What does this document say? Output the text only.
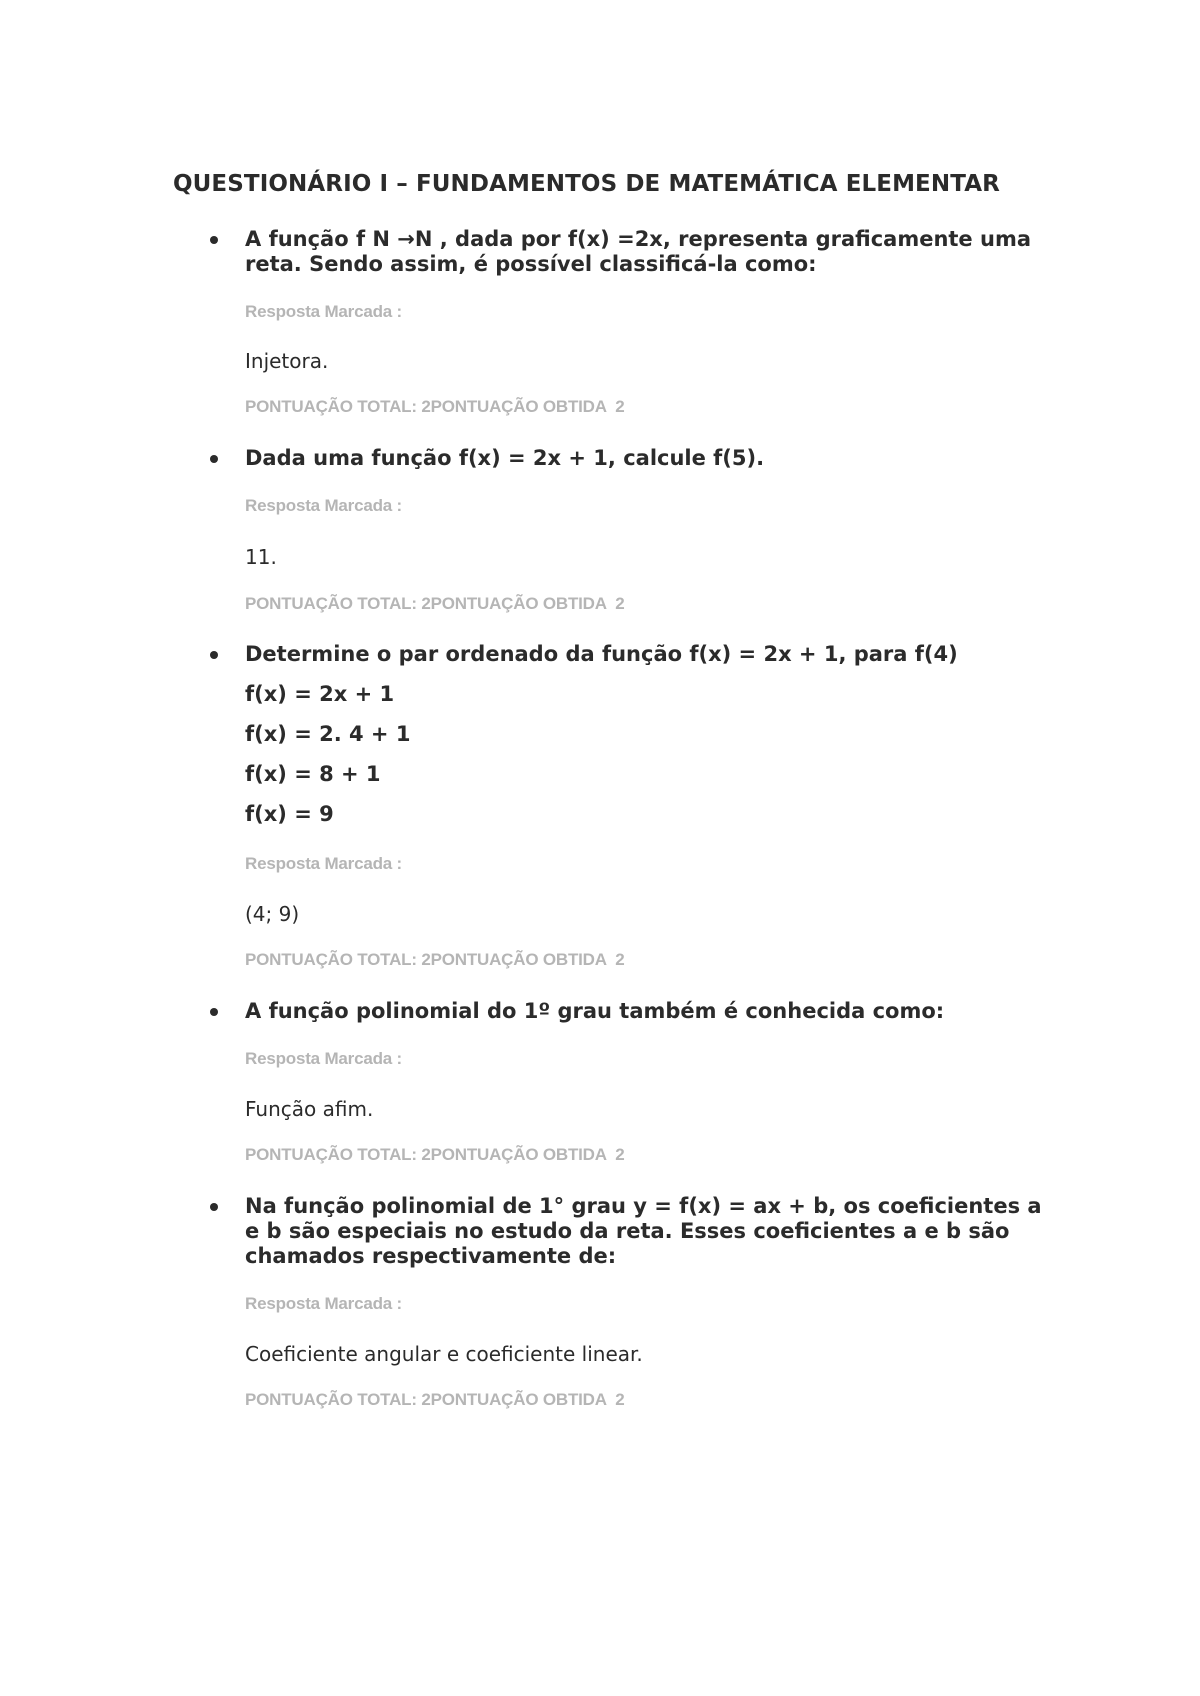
QUESTIONÁRIO I – FUNDAMENTOS DE MATEMÁTICA ELEMENTAR
A função f N →N , dada por f(x) =2x, representa graficamente uma reta. Sendo assim, é possível classificá-la como:
Resposta Marcada :
Injetora.
PONTUAÇÃO TOTAL: 2PONTUAÇÃO OBTIDA  2
Dada uma função f(x) = 2x + 1, calcule f(5).
Resposta Marcada :
11.
PONTUAÇÃO TOTAL: 2PONTUAÇÃO OBTIDA  2
Determine o par ordenado da função f(x) = 2x + 1, para f(4)
f(x) = 2x + 1
f(x) = 2. 4 + 1
f(x) = 8 + 1
f(x) = 9
Resposta Marcada :
(4; 9)
PONTUAÇÃO TOTAL: 2PONTUAÇÃO OBTIDA  2
A função polinomial do 1º grau também é conhecida como:
Resposta Marcada :
Função afim.
PONTUAÇÃO TOTAL: 2PONTUAÇÃO OBTIDA  2
Na função polinomial de 1° grau y = f(x) = ax + b, os coeficientes a e b são especiais no estudo da reta. Esses coeficientes a e b são chamados respectivamente de:
Resposta Marcada :
Coeficiente angular e coeficiente linear.
PONTUAÇÃO TOTAL: 2PONTUAÇÃO OBTIDA  2
